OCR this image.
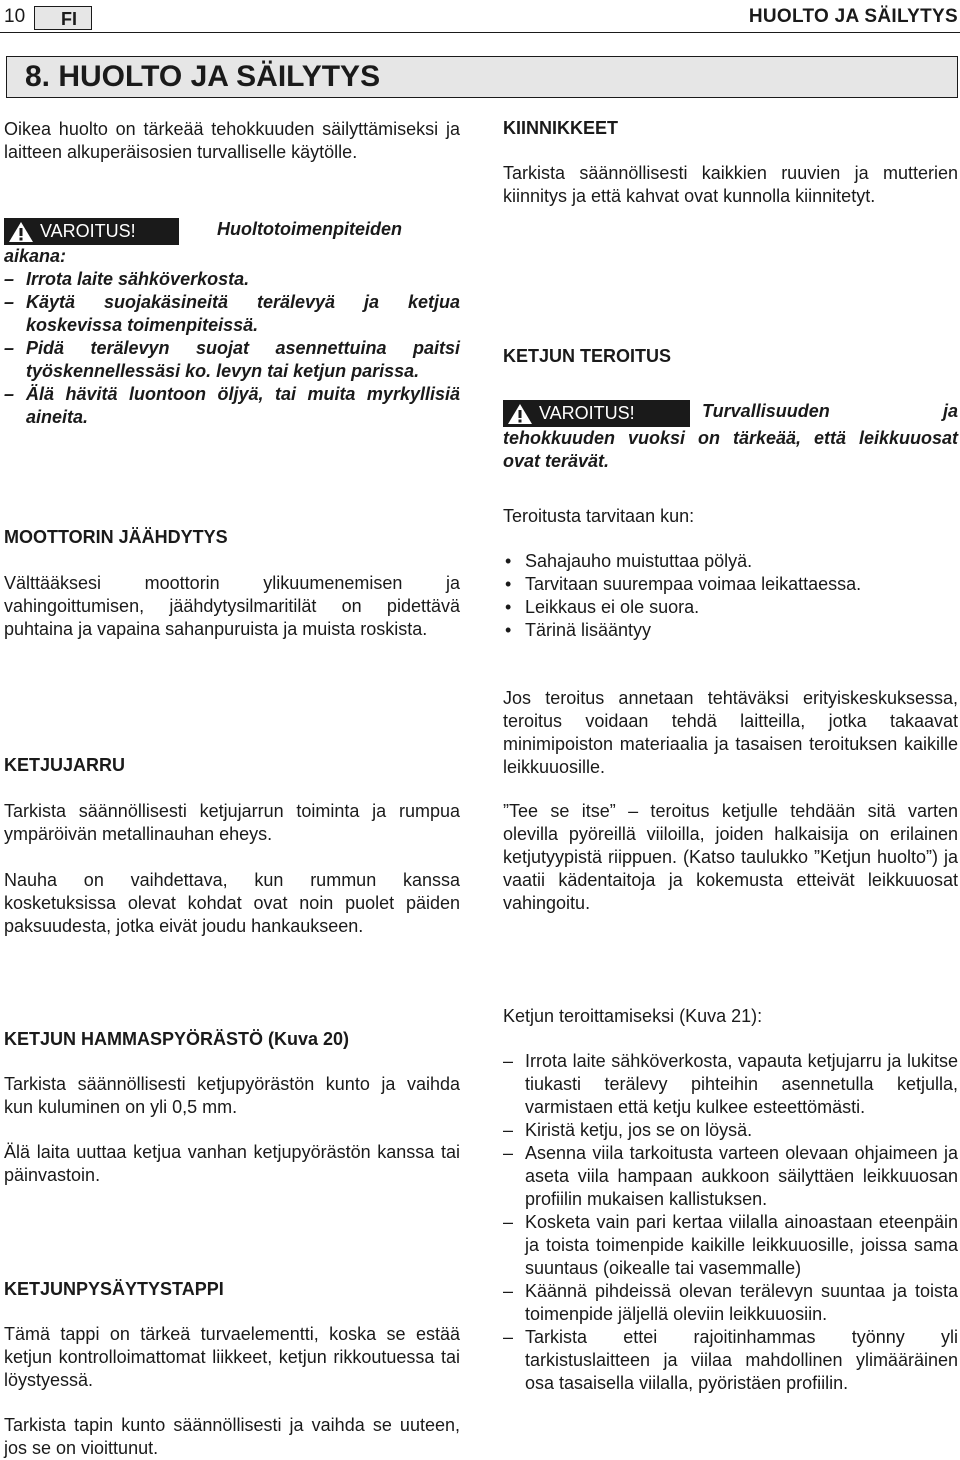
10 FI	HUOLTO JA SÄILYTYS
8. HUOLTO JA SÄILYTYS

Oikea huolto on tärkeää tehokkuuden säilyttämiseksi ja laitteen alkuperäisosien turvalliselle käytölle.

VAROITUS!	Huoltotoimenpiteiden aikana:
– Irrota laite sähköverkosta.
– Käytä suojakäsineitä terälevyä ja ketjua koskevissa toimenpiteissä.
– Pidä terälevyn suojat asennettuina paitsi työskennellessäsi ko. levyn tai ketjun parissa.
– Älä hävitä luontoon öljyä, tai muita myrkyllisiä aineita.
MOOTTORIN JÄÄHDYTYS

Välttääksesi moottorin ylikuumenemisen ja vahingoittumisen, jäähdytysilmaritilät on pidettävä puhtaina ja vapaina sahanpuruista ja muista roskista.

KETJUJARRU

Tarkista säännöllisesti ketjujarrun toiminta ja rumpua ympäröivän metallinauhan eheys.

Nauha on vaihdettava, kun rummun kanssa kosketuksissa olevat kohdat ovat noin puolet päiden paksuudesta, jotka eivät joudu hankaukseen.

KETJUN HAMMASPYÖRÄSTÖ (Kuva 20)

Tarkista säännöllisesti ketjupyörästön kunto ja vaihda kun kuluminen on yli 0,5 mm.

Älä laita uuttaa ketjua vanhan ketjupyörästön kanssa tai päinvastoin.

KETJUNPYSÄYTYSTAPPI

Tämä tappi on tärkeä turvaelementti, koska se estää ketjun kontrolloimattomat liikkeet, ketjun rikkoutuessa tai löystyessä.

Tarkista tapin kunto säännöllisesti ja vaihda se uuteen, jos se on vioittunut.

KIINNIKKEET

Tarkista säännöllisesti kaikkien ruuvien ja mutterien kiinnitys ja että kahvat ovat kunnolla kiinnitetyt.

KETJUN TEROITUS
VAROITUS!	Turvallisuuden ja tehokkuuden vuoksi on tärkeää, että leikkuuosat ovat terävät.

Teroitusta tarvitaan kun:

• Sahajauho muistuttaa pölyä.
• Tarvitaan suurempaa voimaa leikattaessa.
• Leikkaus ei ole suora.
• Tärinä lisääntyy

Jos teroitus annetaan tehtäväksi erityiskeskuksessa, teroitus voidaan tehdä laitteilla, jotka takaavat minimipoiston materiaalia ja tasaisen teroituksen kaikille leikkuuosille.

”Tee se itse” – teroitus ketjulle tehdään sitä varten olevilla pyöreillä viiloilla, joiden halkaisija on erilainen ketjutyypistä riippuen. (Katso taulukko ”Ketjun huolto”) ja vaatii kädentaitoja ja kokemusta etteivät leikkuuosat vahingoitu.

Ketjun teroittamiseksi (Kuva 21):

– Irrota laite sähköverkosta, vapauta ketjujarru ja lukitse tiukasti terälevy pihteihin asennetulla ketjulla, varmistaen että ketju kulkee esteettömästi.
– Kiristä ketju, jos se on löysä.
– Asenna viila tarkoitusta varteen olevaan ohjaimeen ja aseta viila hampaan aukkoon säilyttäen leikkuuosan profiilin mukaisen kallistuksen.
– Kosketa vain pari kertaa viilalla ainoastaan eteenpäin ja toista toimenpide kaikille leikkuuosille, joissa sama suuntaus (oikealle tai vasemmalle)
– Käännä pihdeissä olevan terälevyn suuntaa ja toista toimenpide jäljellä oleviin leikkuuosiin.
– Tarkista ettei rajoitinhammas työnny yli tarkistuslaitteen ja viilaa mahdollinen ylimääräinen osa tasaisella viilalla, pyöristäen profiilin.
